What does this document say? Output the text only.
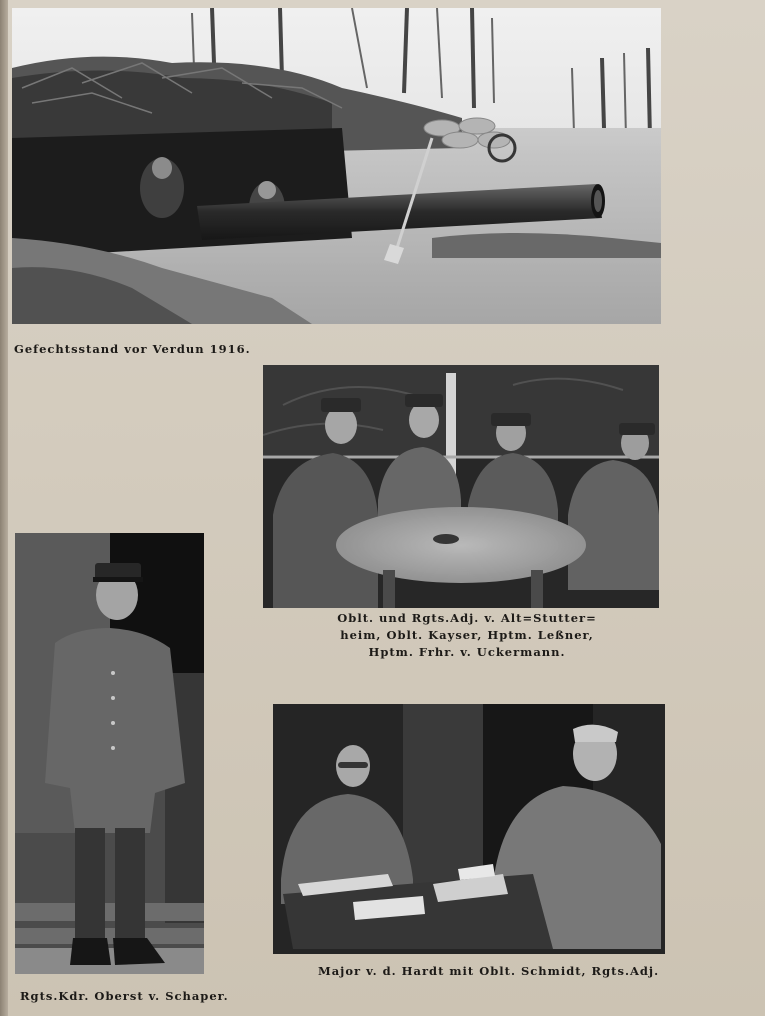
Gefechtsstand vor Verdun 1916.
Oblt. und Rgts.Adj. v. Alt=Stutter=
heim, Oblt. Kayser, Hptm. Leßner,
Hptm. Frhr. v. Uckermann.
Rgts.Kdr. Oberst v. Schaper.
Major v. d. Hardt mit Oblt. Schmidt, Rgts.Adj.
